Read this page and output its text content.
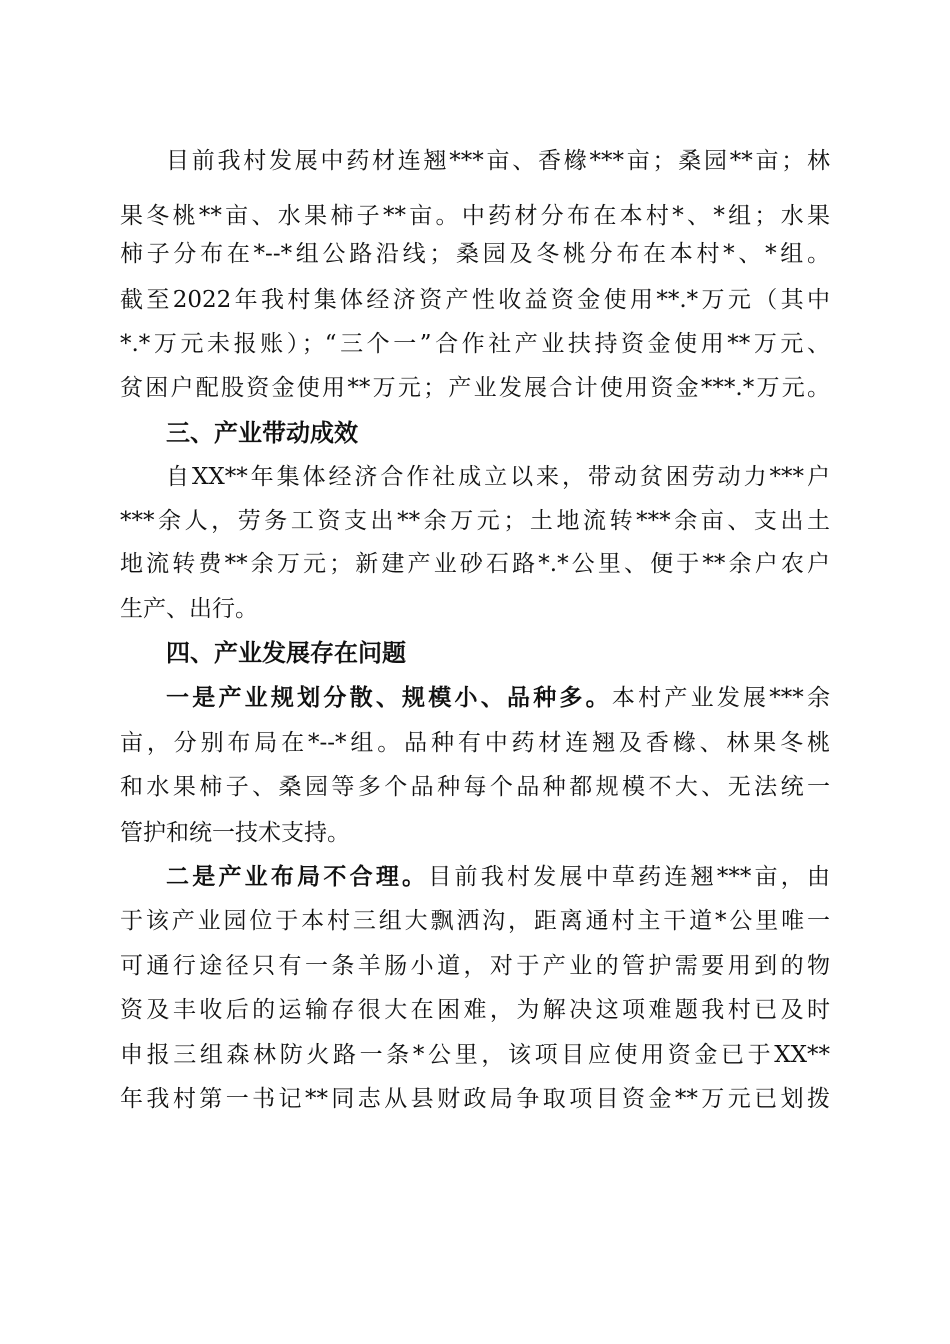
目前我村发展中药材连翘***亩、香橼***亩；桑园**亩；林
果冬桃**亩、水果柿子**亩。中药材分布在本村*、*组；水果
柿子分布在*--*组公路沿线；桑园及冬桃分布在本村*、*组。
截至2022年我村集体经济资产性收益资金使用**.*万元（其中
*.*万元未报账）；“三个一”合作社产业扶持资金使用**万元、
贫困户配股资金使用**万元；产业发展合计使用资金***.*万元。
三、产业带动成效
自XX**年集体经济合作社成立以来，带动贫困劳动力***户
***余人，劳务工资支出**余万元；土地流转***余亩、支出土
地流转费**余万元；新建产业砂石路*.*公里、便于**余户农户
生产、出行。
四、产业发展存在问题
一是产业规划分散、规模小、品种多。本村产业发展***余
亩，分别布局在*--*组。品种有中药材连翘及香橼、林果冬桃
和水果柿子、桑园等多个品种每个品种都规模不大、无法统一
管护和统一技术支持。
二是产业布局不合理。目前我村发展中草药连翘***亩，由
于该产业园位于本村三组大飘洒沟，距离通村主干道*公里唯一
可通行途径只有一条羊肠小道，对于产业的管护需要用到的物
资及丰收后的运输存很大在困难，为解决这项难题我村已及时
申报三组森林防火路一条*公里，该项目应使用资金已于XX**
年我村第一书记**同志从县财政局争取项目资金**万元已划拨
